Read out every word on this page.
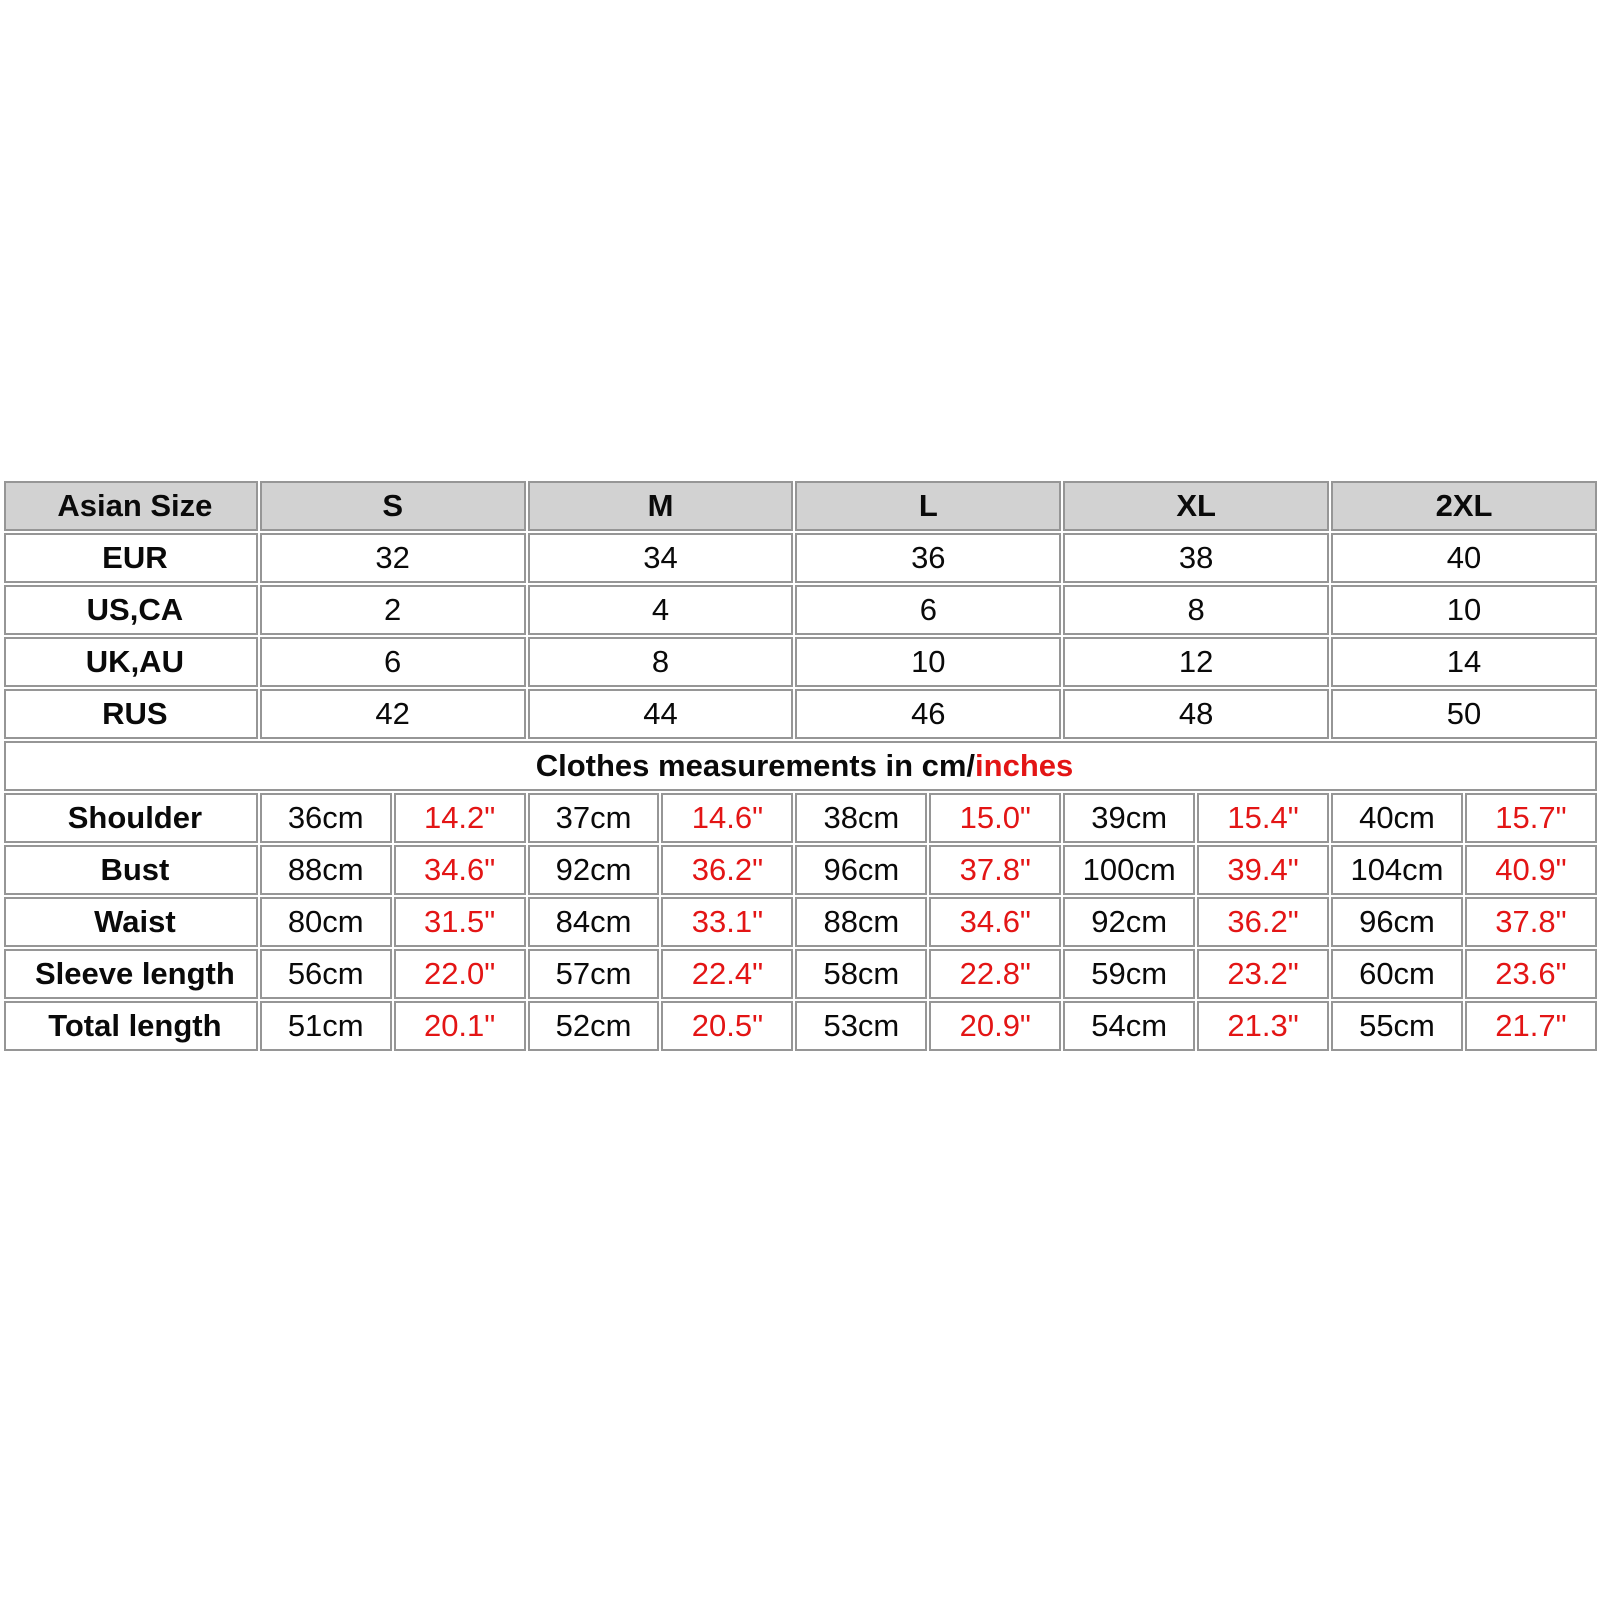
Asian Size	S		M		L		XL		2XL	
EUR	32		34		36		38		40	
US,CA	2		4		6		8		10	
UK,AU	6		8		10		12		14	
RUS	42		44		46		48		50	
Clothes measurements in cm/inches										
Shoulder	36cm	14.2"	37cm	14.6"	38cm	15.0"	39cm	15.4"	40cm	15.7"
Bust	88cm	34.6"	92cm	36.2"	96cm	37.8"	100cm	39.4"	104cm	40.9"
Waist	80cm	31.5"	84cm	33.1"	88cm	34.6"	92cm	36.2"	96cm	37.8"
Sleeve length	56cm	22.0"	57cm	22.4"	58cm	22.8"	59cm	23.2"	60cm	23.6"
Total length	51cm	20.1"	52cm	20.5"	53cm	20.9"	54cm	21.3"	55cm	21.7"
